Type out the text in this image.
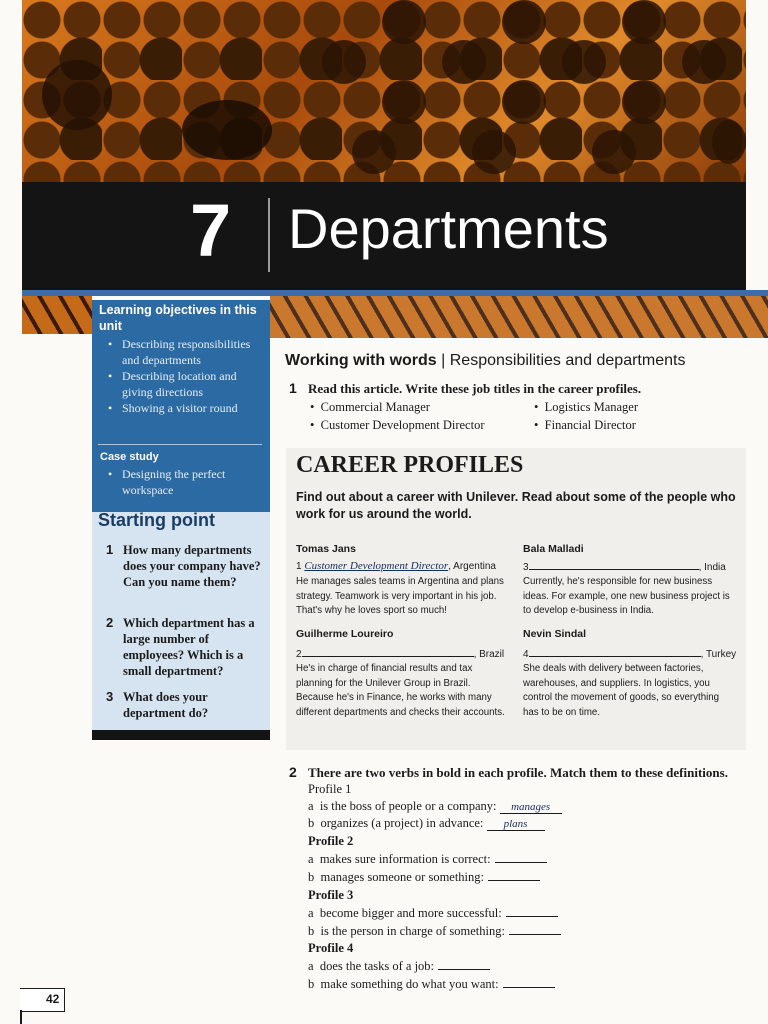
7 Departments
Learning objectives in this unit
• Describing responsibilities and departments
• Describing location and giving directions
• Showing a visitor round
Case study
• Designing the perfect workspace
Starting point
1 How many departments does your company have? Can you name them?
2 Which department has a large number of employees? Which is a small department?
3 What does your department do?
Working with words | Responsibilities and departments
1 Read this article. Write these job titles in the career profiles.
•  Commercial Manager	•  Logistics Manager
•  Customer Development Director	•  Financial Director
CAREER PROFILES
Find out about a career with Unilever. Read about some of the people who work for us around the world.
Tomas Jans
1 Customer Development Director, Argentina
He manages sales teams in Argentina and plans strategy. Teamwork is very important in his job. That's why he loves sport so much!
Bala Malladi
3	, India
Currently, he's responsible for new business ideas. For example, one new business project is to develop e-business in India.
Guilherme Loureiro
2	, Brazil
He's in charge of financial results and tax planning for the Unilever Group in Brazil. Because he's in Finance, he works with many different departments and checks their accounts.
Nevin Sindal
4	, Turkey
She deals with delivery between factories, warehouses, and suppliers. In logistics, you control the movement of goods, so everything has to be on time.
2 There are two verbs in bold in each profile. Match them to these definitions.
Profile 1
a is the boss of people or a company: manages
b organizes (a project) in advance: plans
Profile 2
a makes sure information is correct:
b manages someone or something:
Profile 3
a become bigger and more successful:
b is the person in charge of something:
Profile 4
a does the tasks of a job:
b make something do what you want:
42
